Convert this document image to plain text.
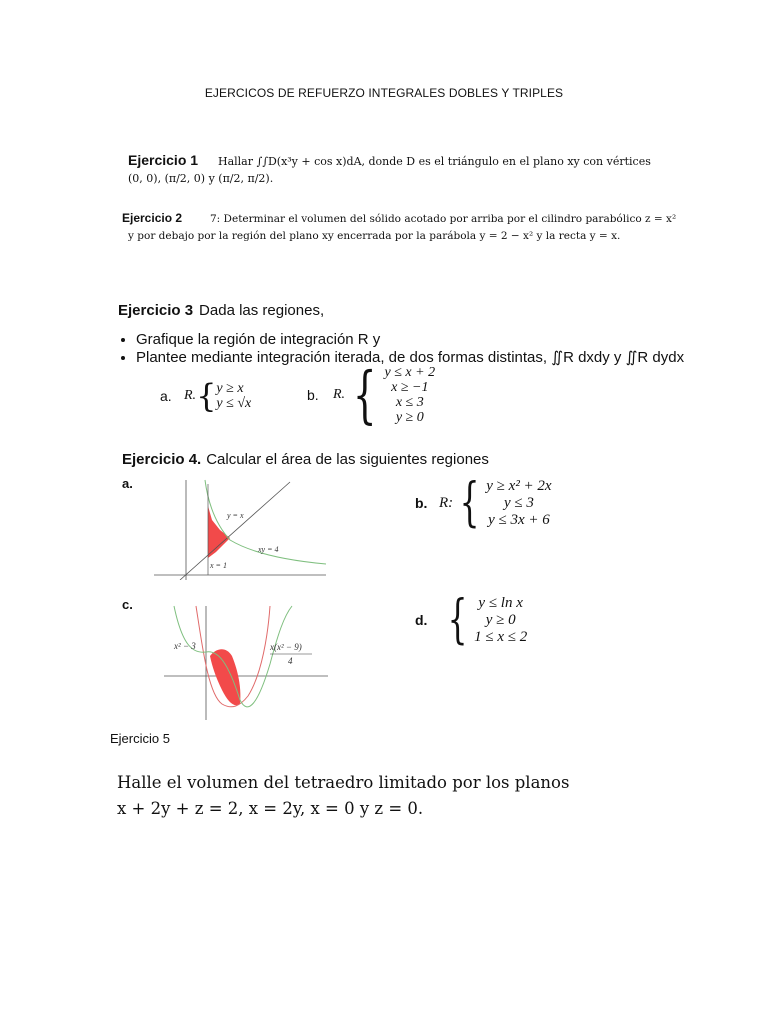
EJERCICOS DE REFUERZO INTEGRALES DOBLES Y TRIPLES
Ejercicio 1	Hallar ∫∫D(x³y + cos x)dA, donde D es el triángulo en el plano xy con vértices
(0, 0), (π/2, 0) y (π/2, π/2).
Ejercicio 2	7: Determinar el volumen del sólido acotado por arriba por el cilindro parabólico z = x²
y por debajo por la región del plano xy encerrada por la parábola y = 2 − x² y la recta y = x.
Ejercicio 3 Dada las regiones,
• Grafique la región de integración R y
• Plantee mediante integración iterada, de dos formas distintas, ∬R dxdy y ∬R dydx
a. R. { y ≥ x
y ≤ √x
b.	R. { y ≤ x + 2
x ≥ −1
x ≤ 3
y ≥ 0
Ejercicio 4. Calcular el área de las siguientes regiones
a.
y = x
xy = 4
x = 1
b. R: { y ≥ x² + 2x
y ≤ 3
y ≤ 3x + 6
c.
x² − 3	x(x² − 9)
4
d. { y ≤ ln x
y ≥ 0
1 ≤ x ≤ 2
Ejercicio 5
Halle el volumen del tetraedro limitado por los planos
x + 2y + z = 2, x = 2y, x = 0 y z = 0.
